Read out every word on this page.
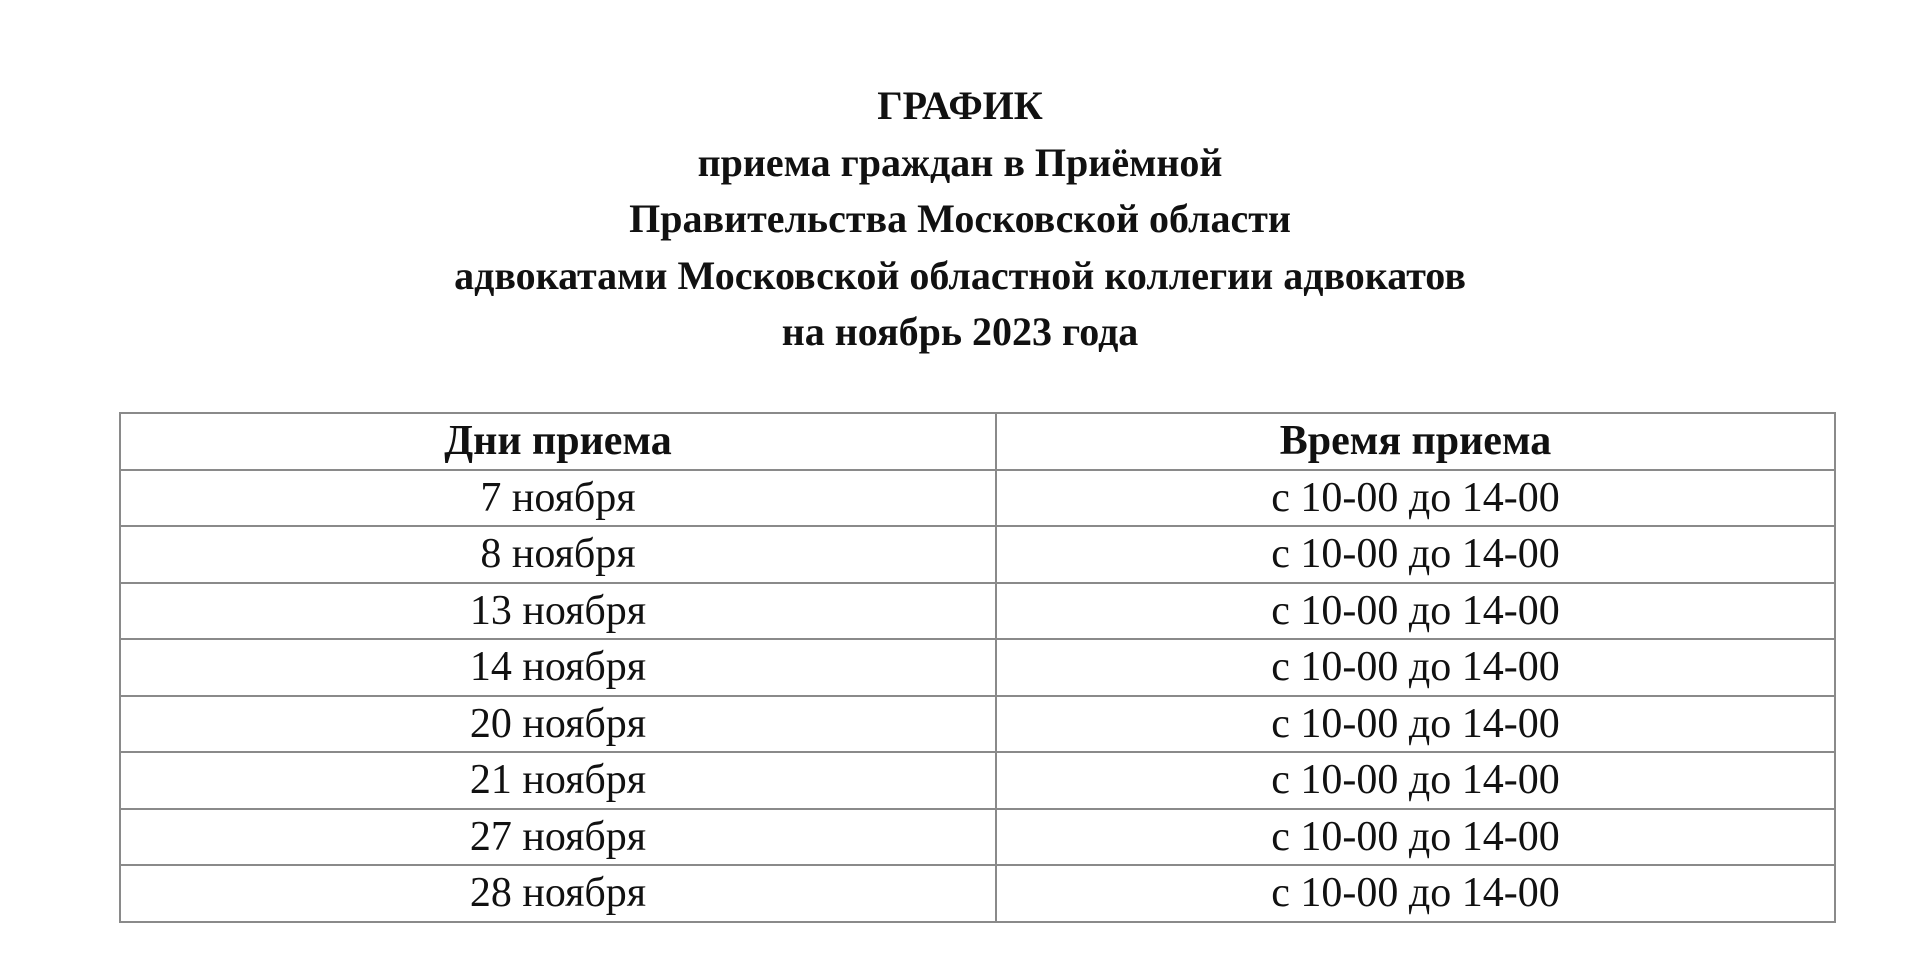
ГРАФИК
приема граждан в Приёмной
Правительства Московской области
адвокатами Московской областной коллегии адвокатов
на ноябрь 2023 года
Дни приема	Время приема
7 ноября	с 10-00 до 14-00
8 ноября	с 10-00 до 14-00
13 ноября	с 10-00 до 14-00
14 ноября	с 10-00 до 14-00
20 ноября	с 10-00 до 14-00
21 ноября	с 10-00 до 14-00
27 ноября	с 10-00 до 14-00
28 ноября	с 10-00 до 14-00
